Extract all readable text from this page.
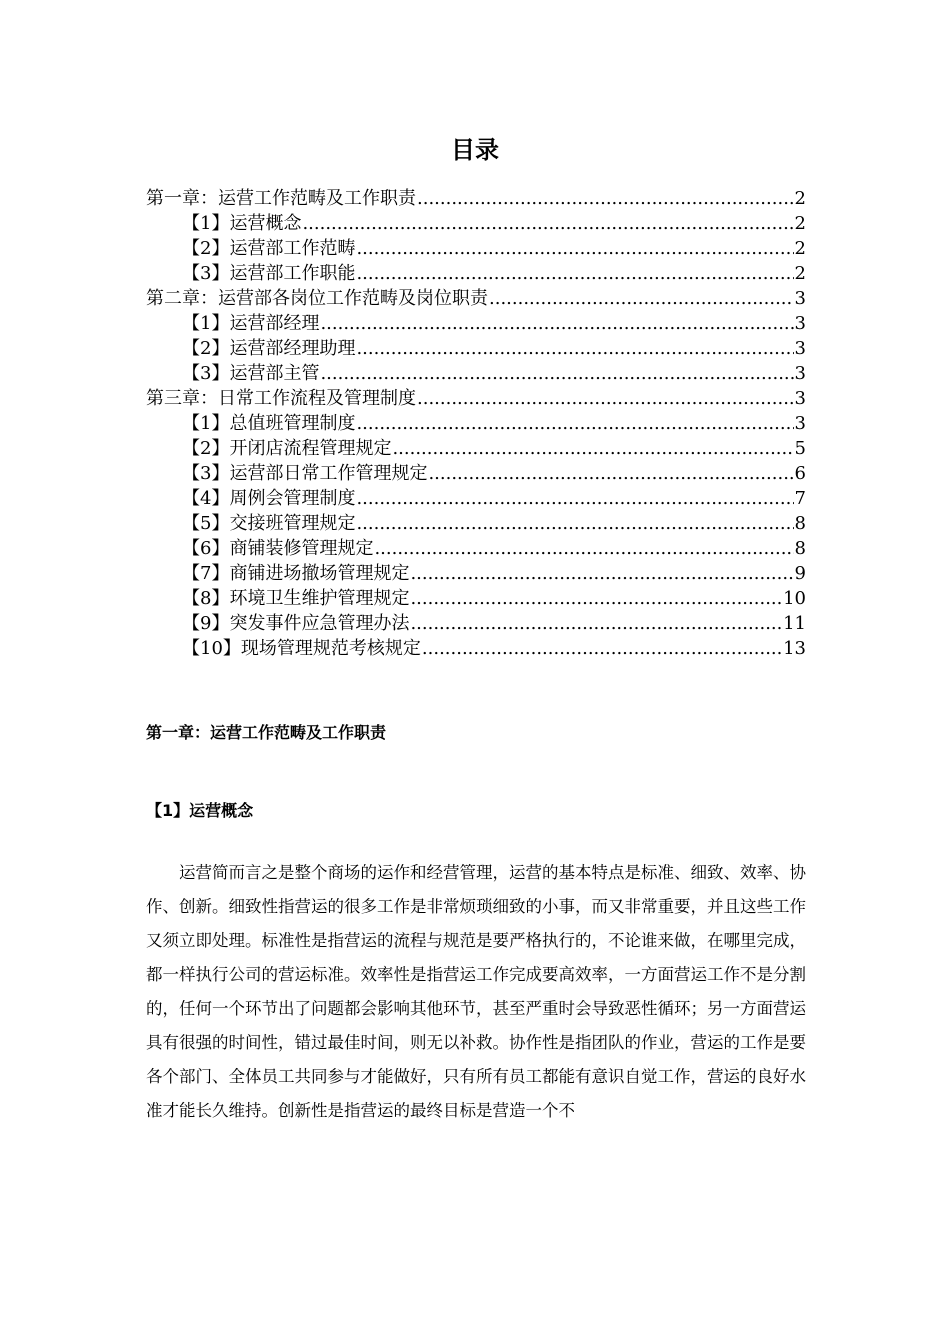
目录
第一章：运营工作范畴及工作职责 .....	2
【1】运营概念 .....	2
【2】运营部工作范畴 .....	2
【3】运营部工作职能 .....	2
第二章：运营部各岗位工作范畴及岗位职责 .....	3
【1】运营部经理 .....	3
【2】运营部经理助理 .....	3
【3】运营部主管 .....	3
第三章：日常工作流程及管理制度 .....	3
【1】总值班管理制度 .....	3
【2】开闭店流程管理规定 .....	5
【3】运营部日常工作管理规定 .....	6
【4】周例会管理制度 .....	7
【5】交接班管理规定 .....	8
【6】商铺装修管理规定 .....	8
【7】商铺进场撤场管理规定 .....	9
【8】环境卫生维护管理规定 .....	10
【9】突发事件应急管理办法 .....	11
【10】现场管理规范考核规定 .....	13
第一章：运营工作范畴及工作职责
【1】运营概念

运营简而言之是整个商场的运作和经营管理，运营的基本特点是标准、细致、效率、协作、创新。细致性指营运的很多工作是非常烦琐细致的小事，而又非常重要，并且这些工作又须立即处理。标准性是指营运的流程与规范是要严格执行的，不论谁来做，在哪里完成，都一样执行公司的营运标准。效率性是指营运工作完成要高效率，一方面营运工作不是分割的，任何一个环节出了问题都会影响其他环节，甚至严重时会导致恶性循环；另一方面营运具有很强的时间性，错过最佳时间，则无以补救。协作性是指团队的作业，营运的工作是要各个部门、全体员工共同参与才能做好，只有所有员工都能有意识自觉工作，营运的良好水准才能长久维持。创新性是指营运的最终目标是营造一个不
